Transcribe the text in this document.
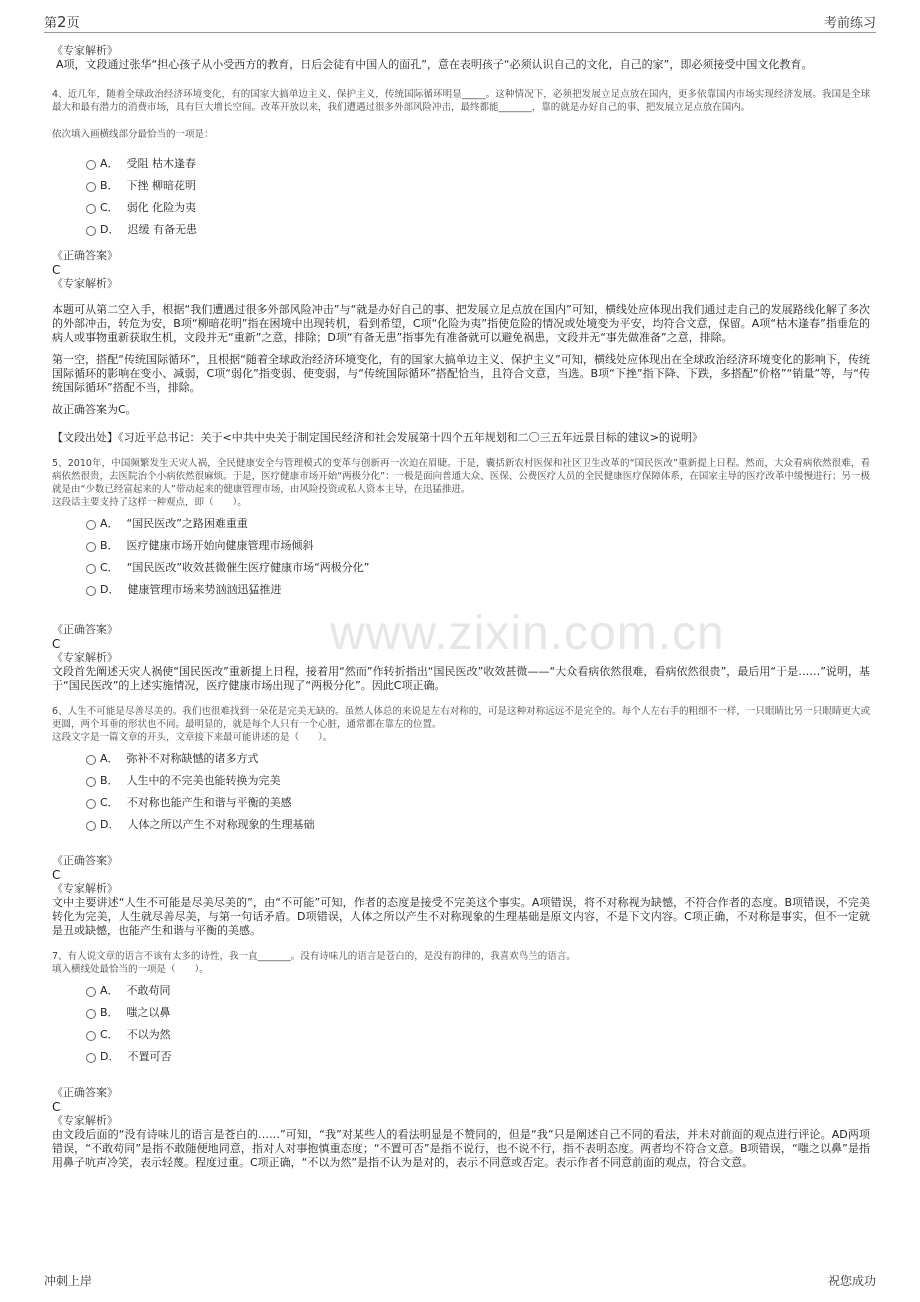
第2页	考前练习
www.zixin.com.cn
《专家解析》
A项，文段通过张华“担心孩子从小受西方的教育，日后会徒有中国人的面孔”，意在表明孩子“必须认识自己的文化，自己的家”，即必须接受中国文化教育。
4、近几年，随着全球政治经济环境变化，有的国家大搞单边主义、保护主义，传统国际循环明显_____。这种情况下，必须把发展立足点放在国内，更多依靠国内市场实现经济发展。我国是全球最大和最有潜力的消费市场，具有巨大增长空间。改革开放以来，我们遭遇过很多外部风险冲击，最终都能_______，靠的就是办好自己的事、把发展立足点放在国内。
依次填入画横线部分最恰当的一项是：
A． 受阻 枯木逢春
B． 下挫 柳暗花明
C． 弱化 化险为夷
D． 迟缓 有备无患
《正确答案》
C
《专家解析》
本题可从第二空入手，根据“我们遭遇过很多外部风险冲击”与“就是办好自己的事、把发展立足点放在国内”可知，横线处应体现出我们通过走自己的发展路线化解了多次的外部冲击，转危为安，B项“柳暗花明”指在困境中出现转机，看到希望，C项“化险为夷”指使危险的情况或处境变为平安，均符合文意，保留。A项“枯木逢春”指垂危的病人或事物重新获取生机，文段并无“重新”之意，排除；D项“有备无患”指事先有准备就可以避免祸患，文段并无“事先做准备”之意，排除。
第一空，搭配“传统国际循环”，且根据“随着全球政治经济环境变化，有的国家大搞单边主义、保护主义”可知，横线处应体现出在全球政治经济环境变化的影响下，传统国际循环的影响在变小、减弱，C项“弱化”指变弱、使变弱，与“传统国际循环”搭配恰当，且符合文意，当选。B项“下挫”指下降、下跌，多搭配“价格”“销量”等，与“传统国际循环”搭配不当，排除。
故正确答案为C。
【文段出处】《习近平总书记：关于<中共中央关于制定国民经济和社会发展第十四个五年规划和二〇三五年远景目标的建议>的说明》
5、2010年，中国频繁发生天灾人祸，全民健康安全与管理模式的变革与创新再一次迫在眉睫。于是，囊括新农村医保和社区卫生改革的“国民医改”重新提上日程。然而，大众看病依然很难，看病依然很贵，去医院治个小病依然很麻烦。于是，医疗健康市场开始“两极分化”：一极是面向普通大众、医保、公费医疗人员的全民健康医疗保障体系，在国家主导的医疗改革中缓慢进行；另一极就是由“少数已经富起来的人”带动起来的健康管理市场，由风险投资或私人资本主导，在迅猛推进。
这段话主要支持了这样一种观点，即（　　）。
A． “国民医改”之路困难重重
B． 医疗健康市场开始向健康管理市场倾斜
C． “国民医改”收效甚微催生医疗健康市场“两极分化”
D． 健康管理市场来势汹汹迅猛推进
《正确答案》
C
《专家解析》
文段首先阐述天灾人祸使“国民医改”重新提上日程，接着用“然而”作转折指出“国民医改”收效甚微——“大众看病依然很难，看病依然很贵”，最后用“于是……”说明，基于“国民医改”的上述实施情况，医疗健康市场出现了“两极分化”。因此C项正确。
6、人生不可能是尽善尽美的。我们也很难找到一朵花是完美无缺的。虽然人体总的来说是左右对称的，可是这种对称远远不是完全的。每个人左右手的粗细不一样，一只眼睛比另一只眼睛更大或更圆，两个耳垂的形状也不同。最明显的，就是每个人只有一个心脏，通常都在靠左的位置。
这段文字是一篇文章的开头，文章接下来最可能讲述的是（　　）。
A． 弥补不对称缺憾的诸多方式
B． 人生中的不完美也能转换为完美
C． 不对称也能产生和谐与平衡的美感
D． 人体之所以产生不对称现象的生理基础
《正确答案》
C
《专家解析》
文中主要讲述“人生不可能是尽美尽美的”，由“不可能”可知，作者的态度是接受不完美这个事实。A项错误，将不对称视为缺憾，不符合作者的态度。B项错误，不完美转化为完美，人生就尽善尽美，与第一句话矛盾。D项错误，人体之所以产生不对称现象的生理基础是原文内容，不是下文内容。C项正确，不对称是事实，但不一定就是丑或缺憾，也能产生和谐与平衡的美感。
7、有人说文章的语言不该有太多的诗性，我一直_______。没有诗味儿的语言是苍白的，是没有韵律的，我喜欢鸟兰的语言。
填入横线处最恰当的一项是（　　）。
A． 不敢苟同
B． 嗤之以鼻
C． 不以为然
D． 不置可否
《正确答案》
C
《专家解析》
由文段后面的“没有诗味儿的语言是苍白的……”可知，“我”对某些人的看法明显是不赞同的，但是“我”只是阐述自己不同的看法，并未对前面的观点进行评论。AD两项错误，“不敢苟同”是指不敢随便地同意，指对人对事抱慎重态度；“不置可否”是指不说行，也不说不行，指不表明态度。两者均不符合文意。B项错误，“嗤之以鼻”是指用鼻子吭声冷笑，表示轻蔑。程度过重。C项正确，“不以为然”是指不认为是对的，表示不同意或否定。表示作者不同意前面的观点，符合文意。
冲刺上岸	祝您成功
